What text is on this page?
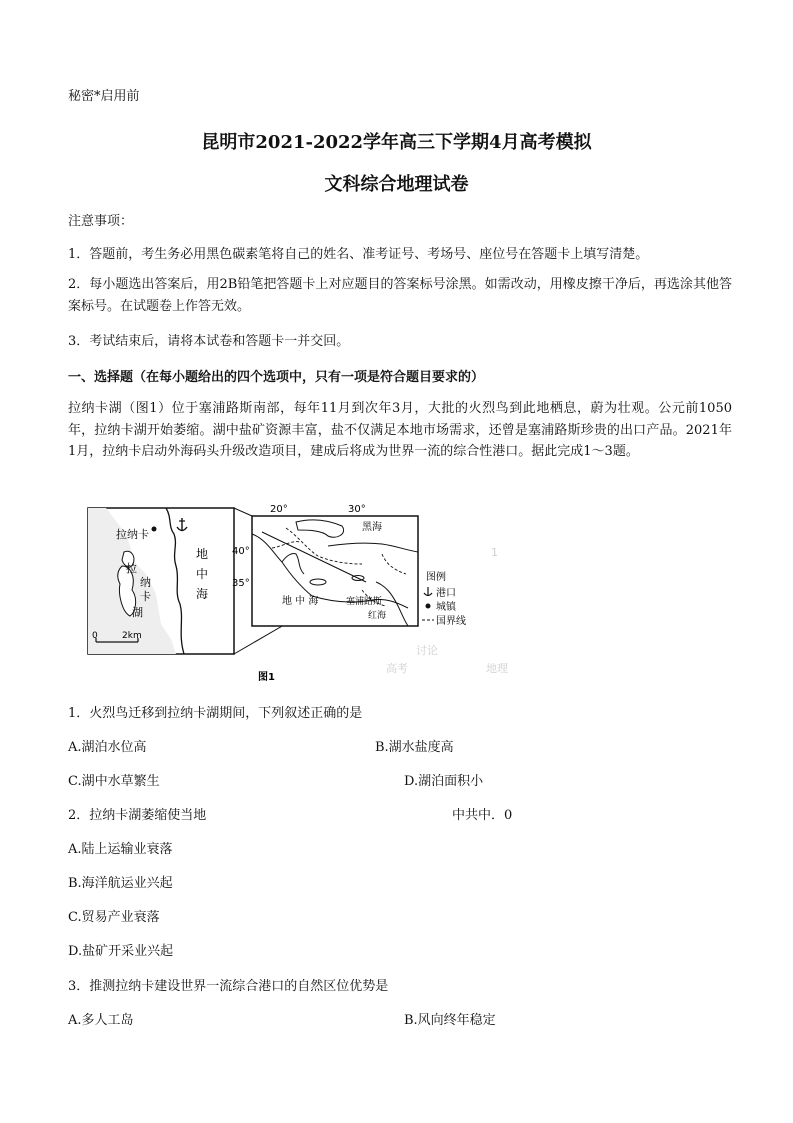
秘密*启用前
昆明市2021-2022学年高三下学期4月高考模拟
文科综合地理试卷
注意事项：
1．答题前，考生务必用黑色碳素笔将自己的姓名、准考证号、考场号、座位号在答题卡上填写清楚。
2．每小题选出答案后，用2B铅笔把答题卡上对应题目的答案标号涂黑。如需改动，用橡皮擦干净后，再选涂其他答案标号。在试题卷上作答无效。
3．考试结束后，请将本试卷和答题卡一并交回。
一、选择题（在每小题给出的四个选项中，只有一项是符合题目要求的）
拉纳卡湖（图1）位于塞浦路斯南部，每年11月到次年3月，大批的火烈鸟到此地栖息，蔚为壮观。公元前1050年，拉纳卡湖开始萎缩。湖中盐矿资源丰富，盐不仅满足本地市场需求，还曾是塞浦路斯珍贵的出口产品。2021年1月，拉纳卡启动外海码头升级改造项目，建成后将成为世界一流的综合性港口。据此完成1～3题。
1
讨论
高考	地理
拉纳卡
拉
纳
卡
湖
地
中
海
0	2km
20°	30°
40°
35°
黑海
地 中 海	塞浦路斯
红海
图例
港口
城镇
国界线
图1
1．火烈鸟迁移到拉纳卡湖期间，下列叙述正确的是
A.湖泊水位高	B.湖水盐度高
C.湖中水草繁生	D.湖泊面积小
2．拉纳卡湖萎缩使当地	中共中．0
A.陆上运输业衰落
B.海洋航运业兴起
C.贸易产业衰落
D.盐矿开采业兴起
3．推测拉纳卡建设世界一流综合港口的自然区位优势是
A.多人工岛	B.风向终年稳定
